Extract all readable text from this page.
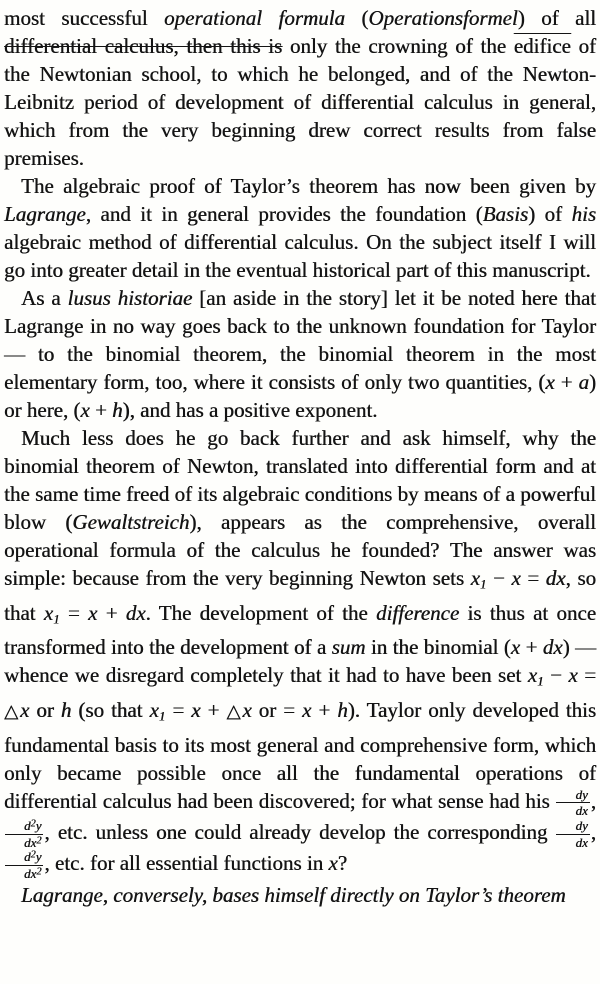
most successful operational formula (Operationsformel) of all differential calculus, then this is only the crowning of the edifice of the Newtonian school, to which he belonged, and of the Newton-Leibnitz period of development of differential calculus in general, which from the very beginning drew correct results from false premises.

The algebraic proof of Taylor’s theorem has now been given by Lagrange, and it in general provides the foundation (Basis) of his algebraic method of differential calculus. On the subject itself I will go into greater detail in the eventual historical part of this manuscript.

As a lusus historiae [an aside in the story] let it be noted here that Lagrange in no way goes back to the unknown foundation for Taylor — to the binomial theorem, the binomial theorem in the most elementary form, too, where it consists of only two quantities, (x + a) or here, (x + h), and has a positive exponent.

Much less does he go back further and ask himself, why the binomial theorem of Newton, translated into differential form and at the same time freed of its algebraic conditions by means of a powerful blow (Gewaltstreich), appears as the comprehensive, overall operational formula of the calculus he founded? The answer was simple: because from the very beginning Newton sets $x_1 - x$ = dx, so that $x_1 = x$ + dx. The development of the difference is thus at once transformed into the development of a sum in the binomial (x + dx) — whence we disregard completely that it had to have been set $x_1 - x$ = △x or h (so that $x_1 = x$ + △x or = x + h). Taylor only developed this fundamental basis to its most general and comprehensive form, which only became possible once all the fundamental operations of differential calculus had been discovered; for what sense had his $\frac{dy}{dx}$ ,
$\frac{d^2y}{dx^2}$ , etc. unless one could already develop the corresponding $\frac{dy}{dx}$ ,
$\frac{d^2y}{dx^2}$ , etc. for all essential functions in x?

Lagrange, conversely, bases himself directly on Taylor’s theorem
